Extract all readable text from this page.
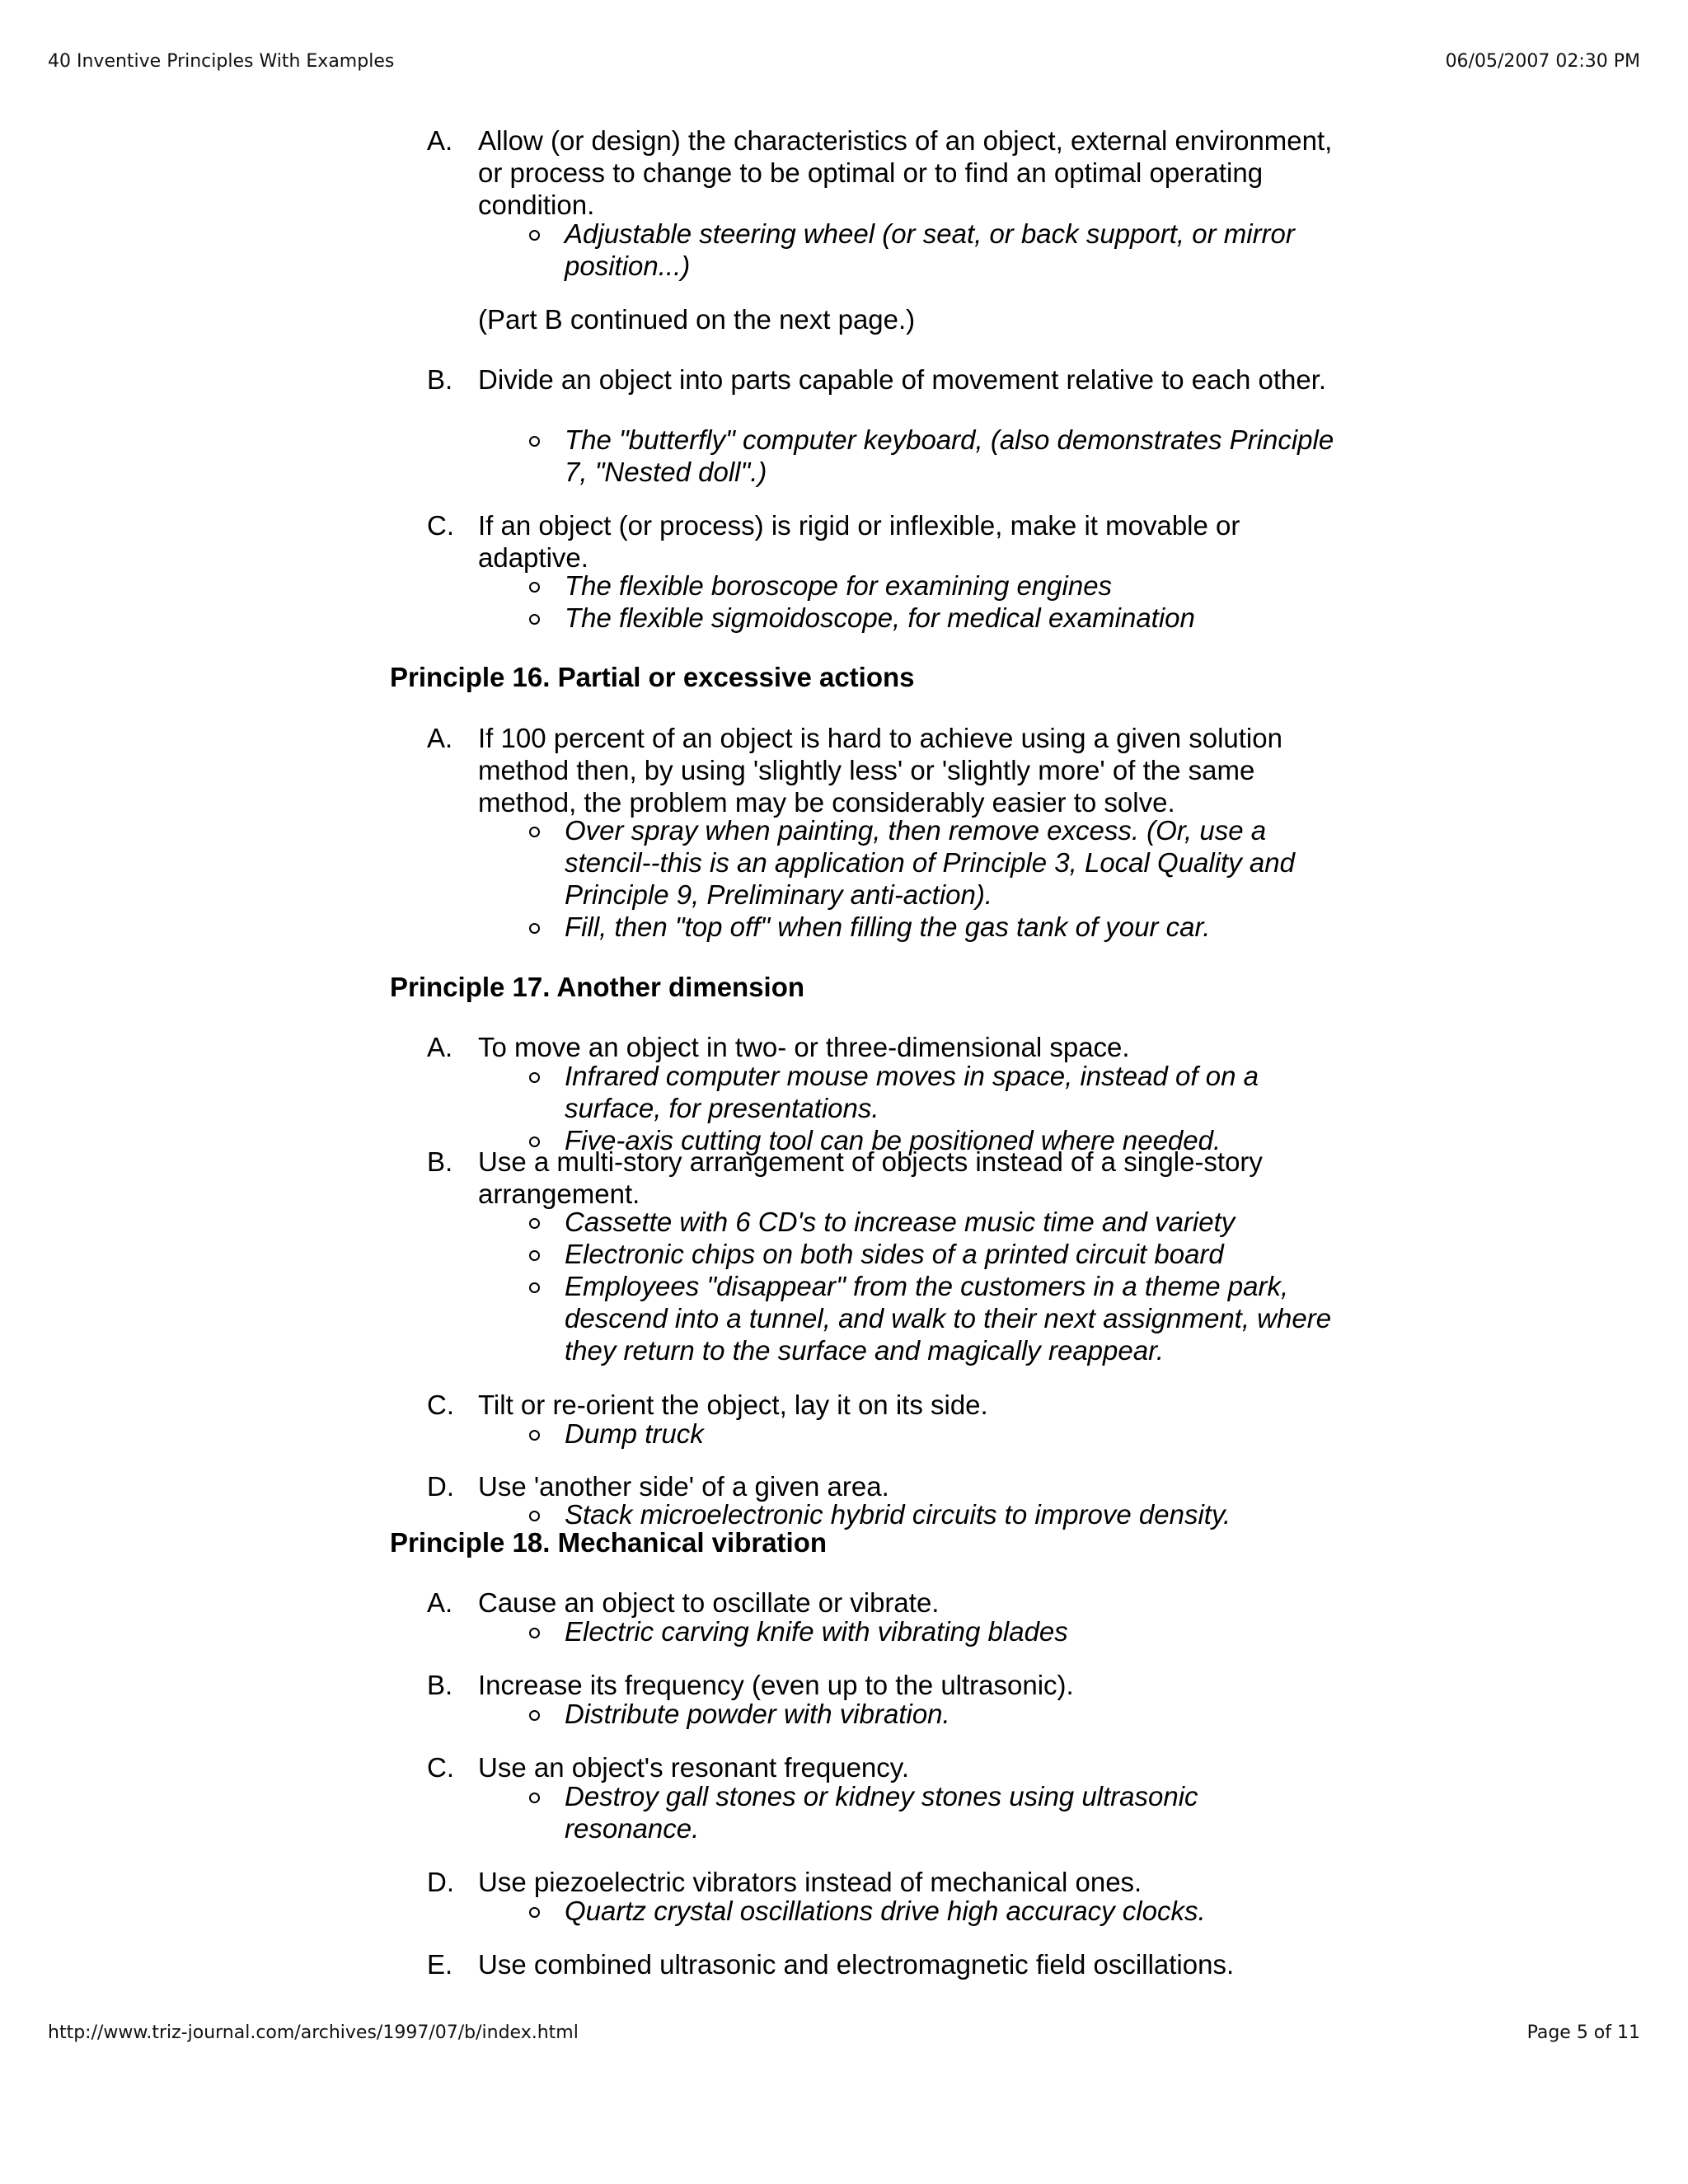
40 Inventive Principles With Examples	06/05/2007 02:30 PM
A. Allow (or design) the characteristics of an object, external environment, or process to change to be optimal or to find an optimal operating condition.
Adjustable steering wheel (or seat, or back support, or mirror position...)
(Part B continued on the next page.)
B. Divide an object into parts capable of movement relative to each other.
The "butterfly" computer keyboard, (also demonstrates Principle 7, "Nested doll".)
C. If an object (or process) is rigid or inflexible, make it movable or adaptive.
The flexible boroscope for examining engines
The flexible sigmoidoscope, for medical examination
Principle 16. Partial or excessive actions
A. If 100 percent of an object is hard to achieve using a given solution method then, by using 'slightly less' or 'slightly more' of the same method, the problem may be considerably easier to solve.
Over spray when painting, then remove excess. (Or, use a stencil--this is an application of Principle 3, Local Quality and Principle 9, Preliminary anti-action).
Fill, then "top off" when filling the gas tank of your car.
Principle 17. Another dimension
A. To move an object in two- or three-dimensional space.
Infrared computer mouse moves in space, instead of on a surface, for presentations.
Five-axis cutting tool can be positioned where needed.
B. Use a multi-story arrangement of objects instead of a single-story arrangement.
Cassette with 6 CD's to increase music time and variety
Electronic chips on both sides of a printed circuit board
Employees "disappear" from the customers in a theme park, descend into a tunnel, and walk to their next assignment, where they return to the surface and magically reappear.
C. Tilt or re-orient the object, lay it on its side.
Dump truck
D. Use 'another side' of a given area.
Stack microelectronic hybrid circuits to improve density.
Principle 18. Mechanical vibration
A. Cause an object to oscillate or vibrate.
Electric carving knife with vibrating blades
B. Increase its frequency (even up to the ultrasonic).
Distribute powder with vibration.
C. Use an object's resonant frequency.
Destroy gall stones or kidney stones using ultrasonic resonance.
D. Use piezoelectric vibrators instead of mechanical ones.
Quartz crystal oscillations drive high accuracy clocks.
E. Use combined ultrasonic and electromagnetic field oscillations.
http://www.triz-journal.com/archives/1997/07/b/index.html	Page 5 of 11
